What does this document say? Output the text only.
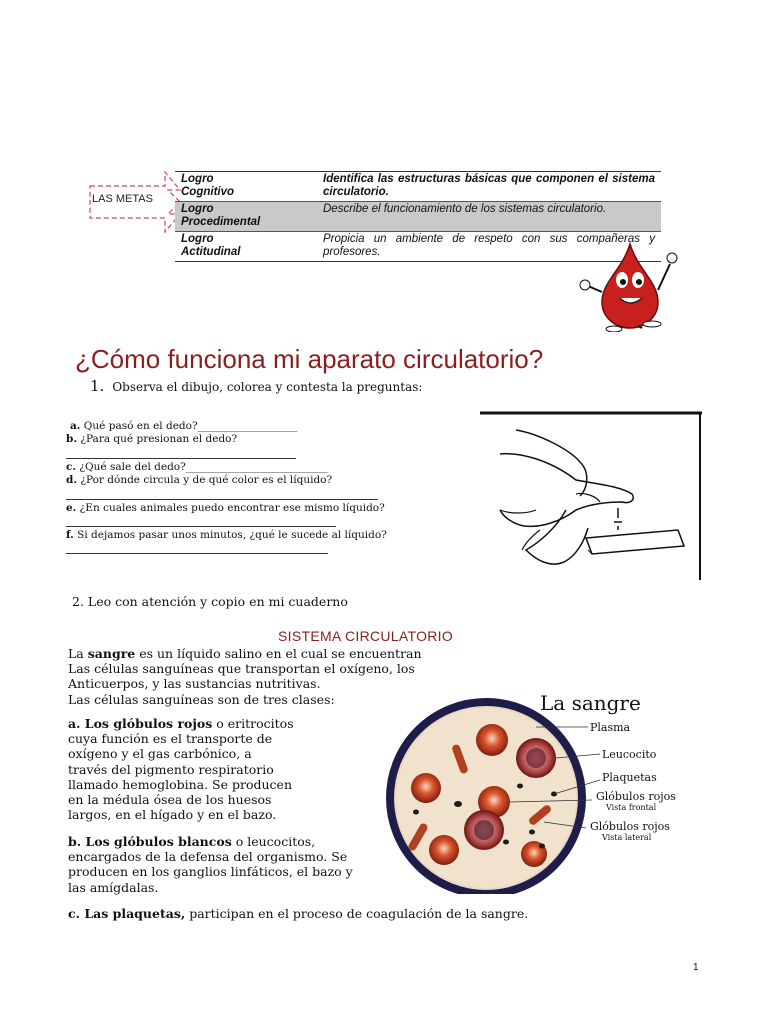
LAS METAS
Logro
Cognitivo
Identifica las estructuras básicas que componen el sistema circulatorio.
Logro
Procedimental
Describe el funcionamiento de los sistemas circulatorio.
Logro
Actitudinal
Propicia un ambiente de respeto con sus compañeras y profesores.
¿Cómo funciona mi aparato circulatorio?
1. Observa el dibujo, colorea y contesta la preguntas:
a. Qué pasó en el dedo?___________________
b. ¿Para qué presionan el dedo?
c. ¿Qué sale del dedo?___________________________
d. ¿Por dónde circula y de qué color es el líquido?
e. ¿En cuales animales puedo encontrar ese mismo líquido?
f. Si dejamos pasar unos minutos, ¿qué le sucede al líquido?
2. Leo con atención y copio en mi cuaderno
SISTEMA CIRCULATORIO
La sangre es un líquido salino en el cual se encuentran
Las células sanguíneas que transportan el oxígeno, los
Anticuerpos, y las sustancias nutritivas.
Las células sanguíneas son de tres clases:
a. Los glóbulos rojos o eritrocitos
cuya función es el transporte de
oxígeno y el gas carbónico, a
través del pigmento respiratorio
llamado hemoglobina. Se producen
en la médula ósea de los huesos
largos, en el hígado y en el bazo.
b. Los glóbulos blancos o leucocitos,
encargados de la defensa del organismo. Se
producen en los ganglios linfáticos, el bazo y
las amígdalas.
c. Las plaquetas, participan en el proceso de coagulación de la sangre.
La sangre
Plasma
Leucocito
Plaquetas
Glóbulos rojos
Vista frontal
Glóbulos rojos
Vista lateral
1
